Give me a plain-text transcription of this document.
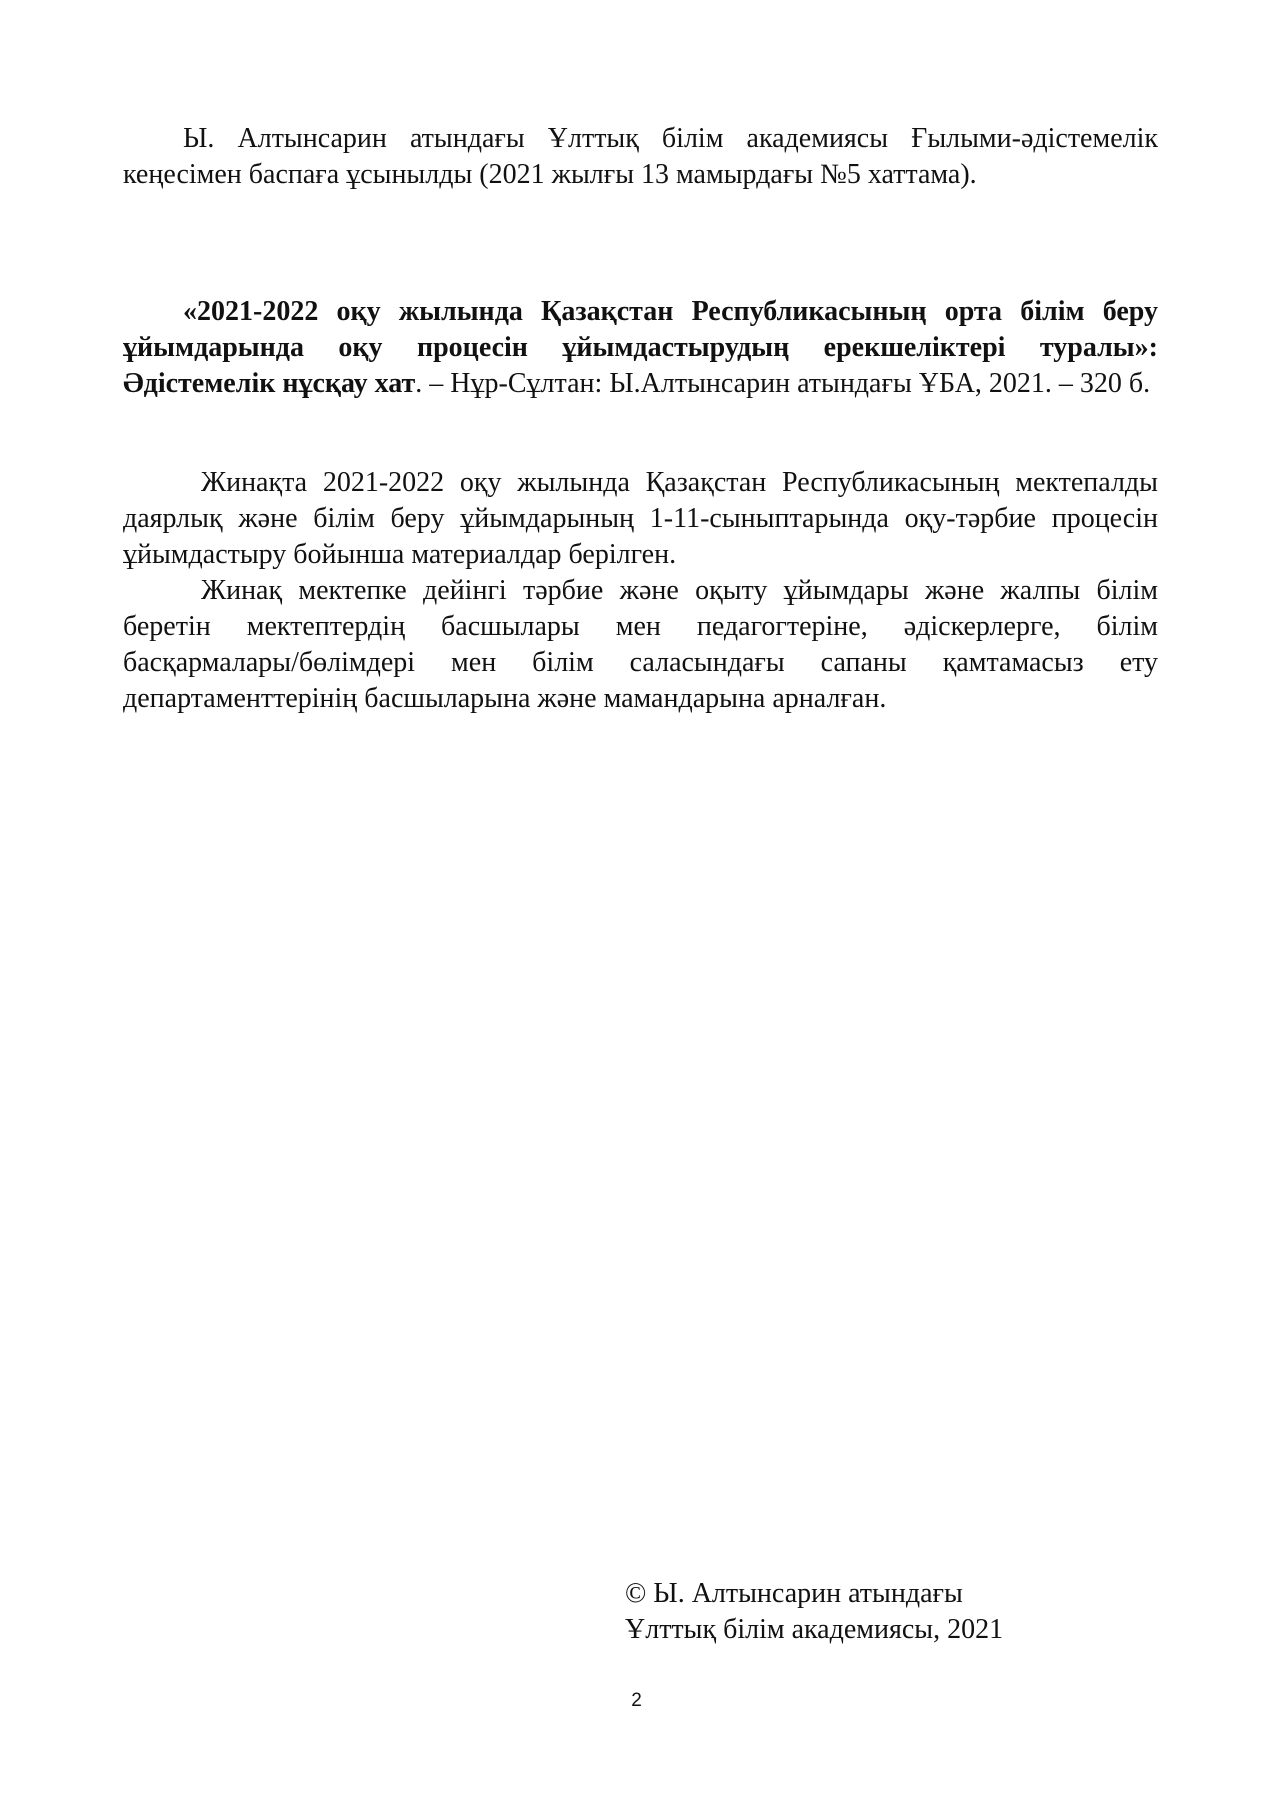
Ы. Алтынсарин атындағы Ұлттық білім академиясы Ғылыми-әдістемелік кеңесімен баспаға ұсынылды (2021 жылғы 13 мамырдағы №5 хаттама).

«2021-2022 оқу жылында Қазақстан Республикасының орта білім беру ұйымдарында оқу процесін ұйымдастырудың ерекшеліктері туралы»: Әдістемелік нұсқау хат. – Нұр-Сұлтан: Ы.Алтынсарин атындағы ҰБА, 2021. – 320 б.

Жинақта 2021-2022 оқу жылында Қазақстан Республикасының мектепалды даярлық және білім беру ұйымдарының 1-11-сыныптарында оқу-тәрбие процесін ұйымдастыру бойынша материалдар берілген.

Жинақ мектепке дейінгі тәрбие және оқыту ұйымдары және жалпы білім беретін мектептердің басшылары мен педагогтеріне, әдіскерлерге, білім басқармалары/бөлімдері мен білім саласындағы сапаны қамтамасыз ету департаменттерінің басшыларына және мамандарына арналған.

© Ы. Алтынсарин атындағы

Ұлттық білім академиясы, 2021

2
